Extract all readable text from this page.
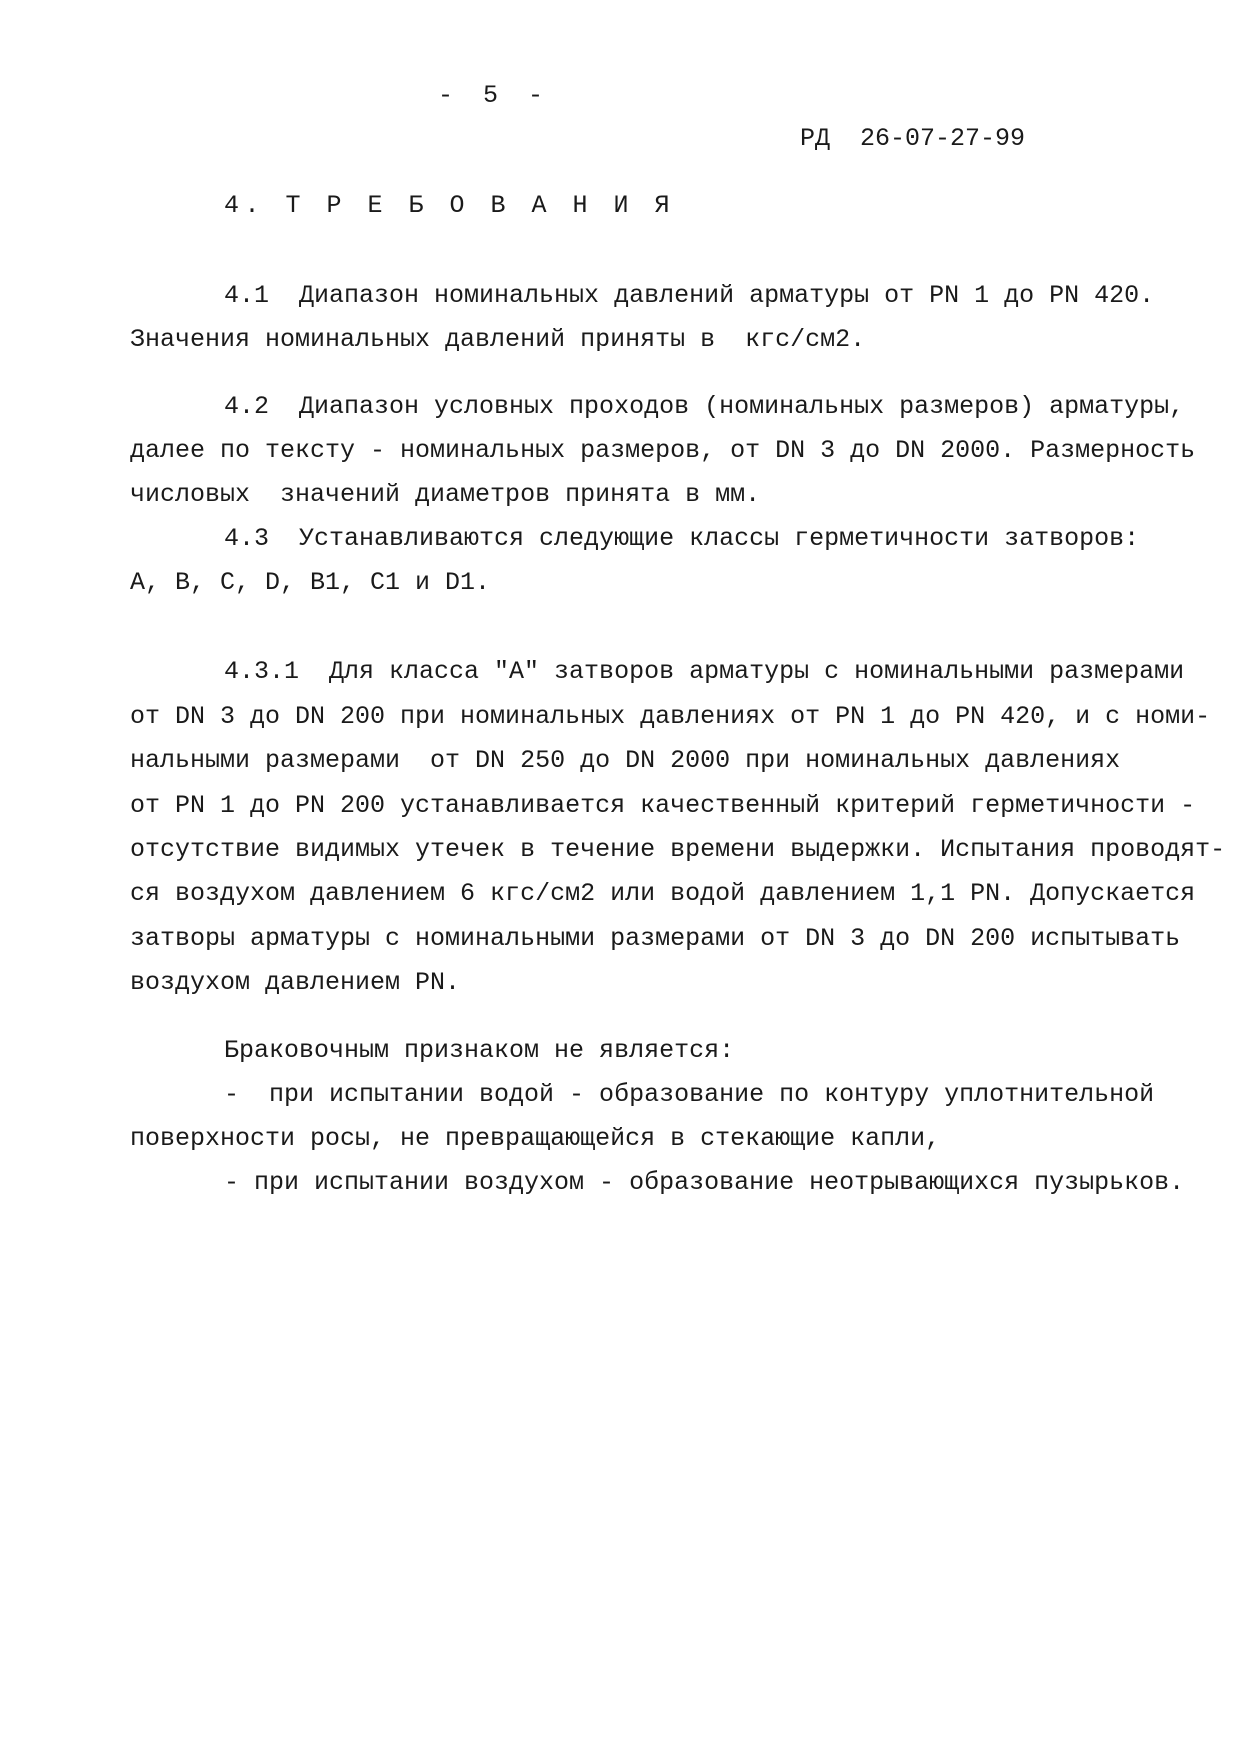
-  5  -
РД  26-07-27-99
4. Т Р Е Б О В А Н И Я
4.1  Диапазон номинальных давлений арматуры от PN 1 до PN 420.
Значения номинальных давлений приняты в  кгс/см2.
4.2  Диапазон условных проходов (номинальных размеров) арматуры,
далее по тексту - номинальных размеров, от DN 3 до DN 2000. Размерность
числовых  значений диаметров принята в мм.
4.3  Устанавливаются следующие классы герметичности затворов:
A, B, C, D, B1, C1 и D1.
4.3.1  Для класса "А" затворов арматуры с номинальными размерами
от DN 3 до DN 200 при номинальных давлениях от PN 1 до PN 420, и с номи-
нальными размерами  от DN 250 до DN 2000 при номинальных давлениях
от PN 1 до PN 200 устанавливается качественный критерий герметичности -
отсутствие видимых утечек в течение времени выдержки. Испытания проводят-
ся воздухом давлением 6 кгс/см2 или водой давлением 1,1 PN. Допускается
затворы арматуры с номинальными размерами от DN 3 до DN 200 испытывать
воздухом давлением PN.
Браковочным признаком не является:
-  при испытании водой - образование по контуру уплотнительной
поверхности росы, не превращающейся в стекающие капли,
- при испытании воздухом - образование неотрывающихся пузырьков.
